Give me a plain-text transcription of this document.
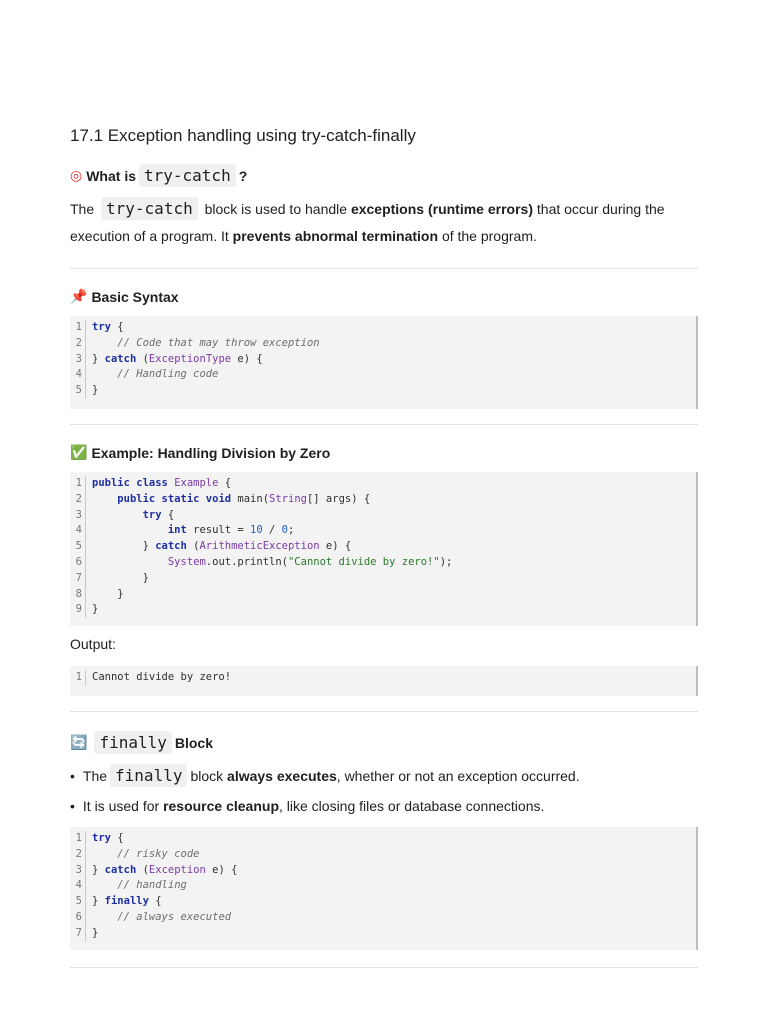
17.1 Exception handling using try-catch-finally
◎ What is try-catch ?
The try-catch block is used to handle exceptions (runtime errors) that occur during the
execution of a program. It prevents abnormal termination of the program.
📌 Basic Syntax
1 try {
2	// Code that may throw exception
3 } catch (ExceptionType e) {
4	// Handling code
5 }
✅ Example: Handling Division by Zero
1 public class Example {
2	public static void main(String[] args) {
3	try {
4	int result = 10 / 0;
5 } catch (ArithmeticException e) {
6	System.out.println("Cannot divide by zero!");
7 }
8 }
9 }
Output:
1 Cannot divide by zero!
🔄 finally Block
• The finally block
always executes , whether or not an exception occurred.
• It is used for
resource cleanup , like closing files or database connections.
1 try {
2	// risky code
3 } catch (Exception e) {
4	// handling
5 } finally {
6	// always executed
7 }
